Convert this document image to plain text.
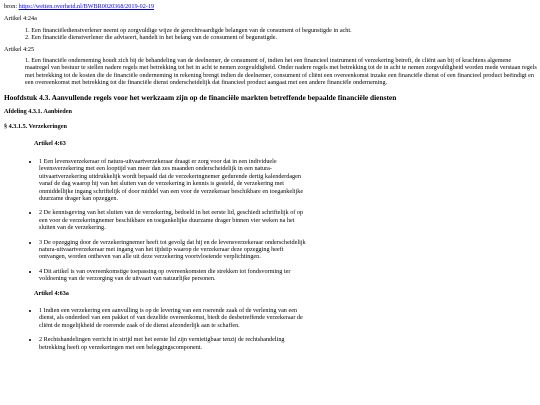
bron: https://wetten.overheid.nl/BWBR0020368/2019-02-19

Artikel 4:24a

1. Een financiëledienstverlener neemt op zorgvuldige wijze de gerechtvaardigde belangen van de consument of begunstigde in acht.
2. Een financiële dienstverlener die adviseert, handelt in het belang van de consument of begunstigde.

Artikel 4:25

1. Een financiële onderneming houdt zich bij de behandeling van de deelnemer, de consument of, indien het een financieel instrument of verzekering betreft, de cliënt aan bij of krachtens algemene maatregel van bestuur te stellen nadere regels met betrekking tot het in acht te nemen zorgvuldigheid. Onder nadere regels met betrekking tot de in acht te nemen zorgvuldigheid worden mede verstaan regels met betrekking tot de kosten die de financiële onderneming in rekening brengt indien de deelnemer, consument of cliënt een overeenkomst inzake een financiële dienst of een financieel product beëindigt en een overeenkomst met betrekking tot die financiële dienst onderscheidelijk dat financieel product aangaat met een andere financiële onderneming.
Hoofdstuk 4.3. Aanvullende regels voor het werkzaam zijn op de financiële markten betreffende bepaalde financiële diensten
Afdeling 4.3.1. Aanbieden
§ 4.3.1.5. Verzekeringen
Artikel 4:63
• 1 Een levensverzekeraar of natura-uitvaartverzekeraar draagt er zorg voor dat in een individuele levensverzekering met een looptijd van meer dan zes maanden onderscheidelijk in een natura-uitvaartverzekering uitdrukkelijk wordt bepaald dat de verzekeringnemer gedurende dertig kalenderdagen vanaf de dag waarop hij van het sluiten van de verzekering in kennis is gesteld, de verzekering met onmiddellijke ingang schriftelijk of door middel van een voor de verzekeraar beschikbare en toegankelijke duurzame drager kan opzeggen.
• 2 De kennisgeving van het sluiten van de verzekering, bedoeld in het eerste lid, geschiedt schriftelijk of op een voor de verzekeringnemer beschikbare en toegankelijke duurzame drager binnen vier weken na het sluiten van de verzekering.
• 3 De opzegging door de verzekeringnemer heeft tot gevolg dat hij en de levensverzekeraar onderscheidelijk natura-uitvaartverzekeraar met ingang van het tijdstip waarop de verzekeraar deze opzegging heeft ontvangen, worden ontheven van alle uit deze verzekering voortvloeiende verplichtingen.
• 4 Dit artikel is van overeenkomstige toepassing op overeenkomsten die strekken tot fondsvorming ter voldoening van de verzorging van de uitvaart van natuurlijke personen.
Artikel 4:63a
• 1 Indien een verzekering een aanvulling is op de levering van een roerende zaak of de verlening van een dienst, als onderdeel van een pakket of van dezelfde overeenkomst, biedt de desbetreffende verzekeraar de cliënt de mogelijkheid de roerende zaak of de dienst afzonderlijk aan te schaffen.
• 2 Rechtshandelingen verricht in strijd met het eerste lid zijn vernietigbaar tenzij de rechtshandeling betrekking heeft op verzekeringen met een beleggingscomponent.
